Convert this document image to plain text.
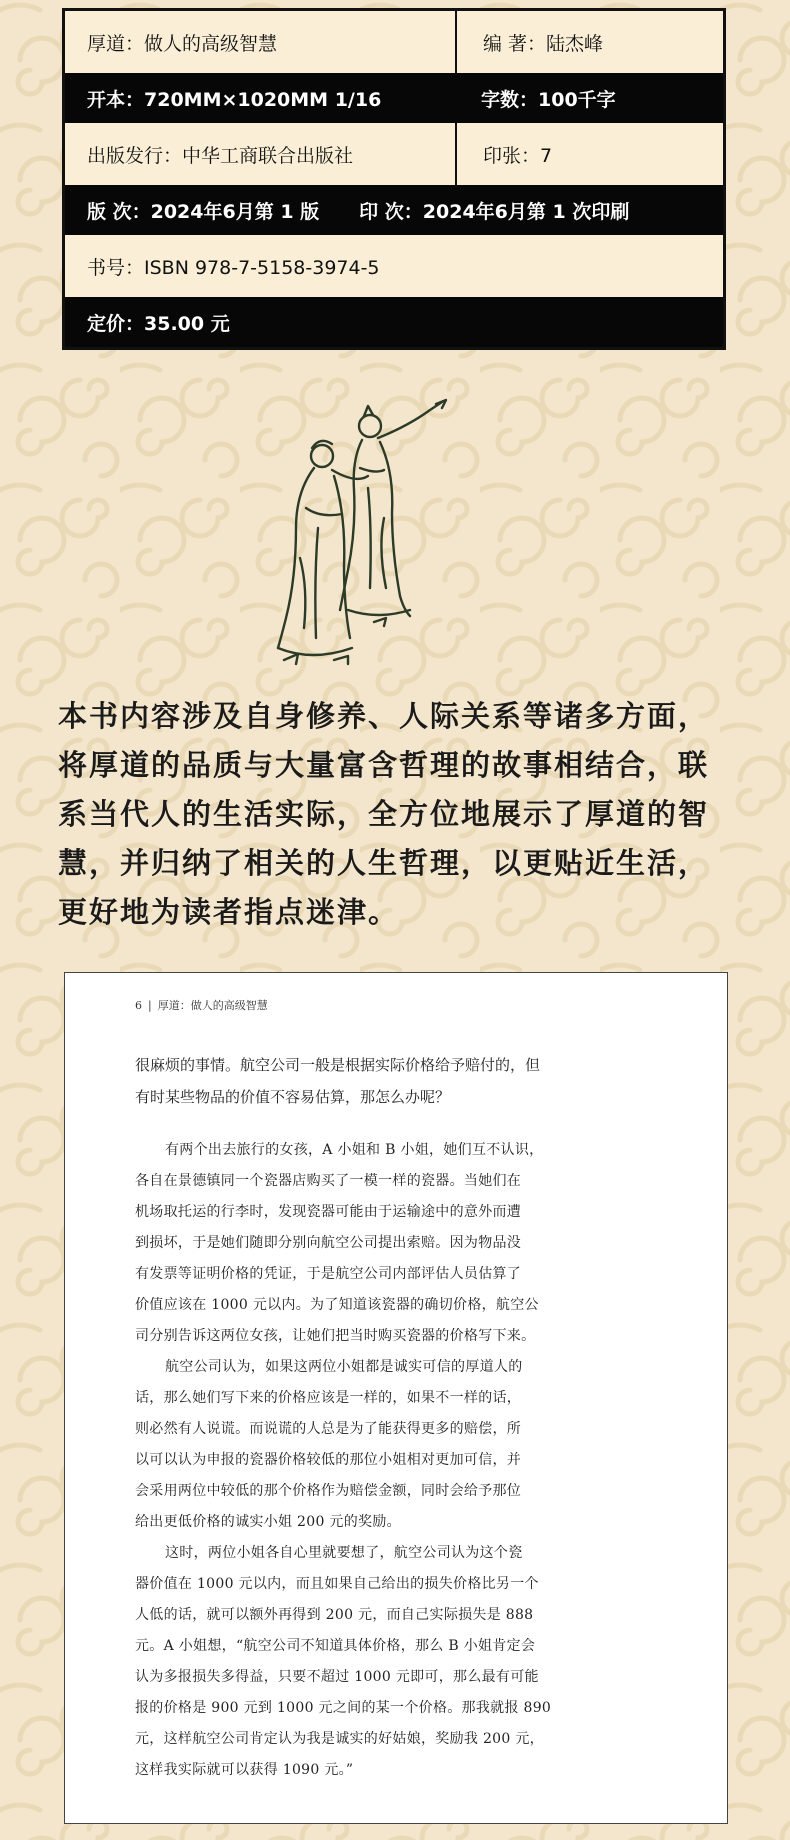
厚道：做人的高级智慧	编 著：陆杰峰
开本：720MM×1020MM 1/16	字数：100千字
出版发行：中华工商联合出版社	印张：7
版 次：2024年6月第 1 版 印 次：2024年6月第 1 次印刷
书号：ISBN 978-7-5158-3974-5
定价：35.00 元

本书内容涉及自身修养、人际关系等诸多方面，

将厚道的品质与大量富含哲理的故事相结合，联

系当代人的生活实际，全方位地展示了厚道的智

慧，并归纳了相关的人生哲理，以更贴近生活，

更好地为读者指点迷津。

6 | 厚道：做人的高级智慧

很麻烦的事情。航空公司一般是根据实际价格给予赔付的，但

有时某些物品的价值不容易估算，那怎么办呢？

有两个出去旅行的女孩，A 小姐和 B 小姐，她们互不认识，

各自在景德镇同一个瓷器店购买了一模一样的瓷器。当她们在

机场取托运的行李时，发现瓷器可能由于运输途中的意外而遭

到损坏，于是她们随即分别向航空公司提出索赔。因为物品没

有发票等证明价格的凭证，于是航空公司内部评估人员估算了

价值应该在 1000 元以内。为了知道该瓷器的确切价格，航空公

司分别告诉这两位女孩，让她们把当时购买瓷器的价格写下来。

航空公司认为，如果这两位小姐都是诚实可信的厚道人的

话，那么她们写下来的价格应该是一样的，如果不一样的话，

则必然有人说谎。而说谎的人总是为了能获得更多的赔偿，所

以可以认为申报的瓷器价格较低的那位小姐相对更加可信，并

会采用两位中较低的那个价格作为赔偿金额，同时会给予那位

给出更低价格的诚实小姐 200 元的奖励。

这时，两位小姐各自心里就要想了，航空公司认为这个瓷

器价值在 1000 元以内，而且如果自己给出的损失价格比另一个

人低的话，就可以额外再得到 200 元，而自己实际损失是 888

元。A 小姐想，“航空公司不知道具体价格，那么 B 小姐肯定会

认为多报损失多得益，只要不超过 1000 元即可，那么最有可能

报的价格是 900 元到 1000 元之间的某一个价格。那我就报 890

元，这样航空公司肯定认为我是诚实的好姑娘，奖励我 200 元，

这样我实际就可以获得 1090 元。”
